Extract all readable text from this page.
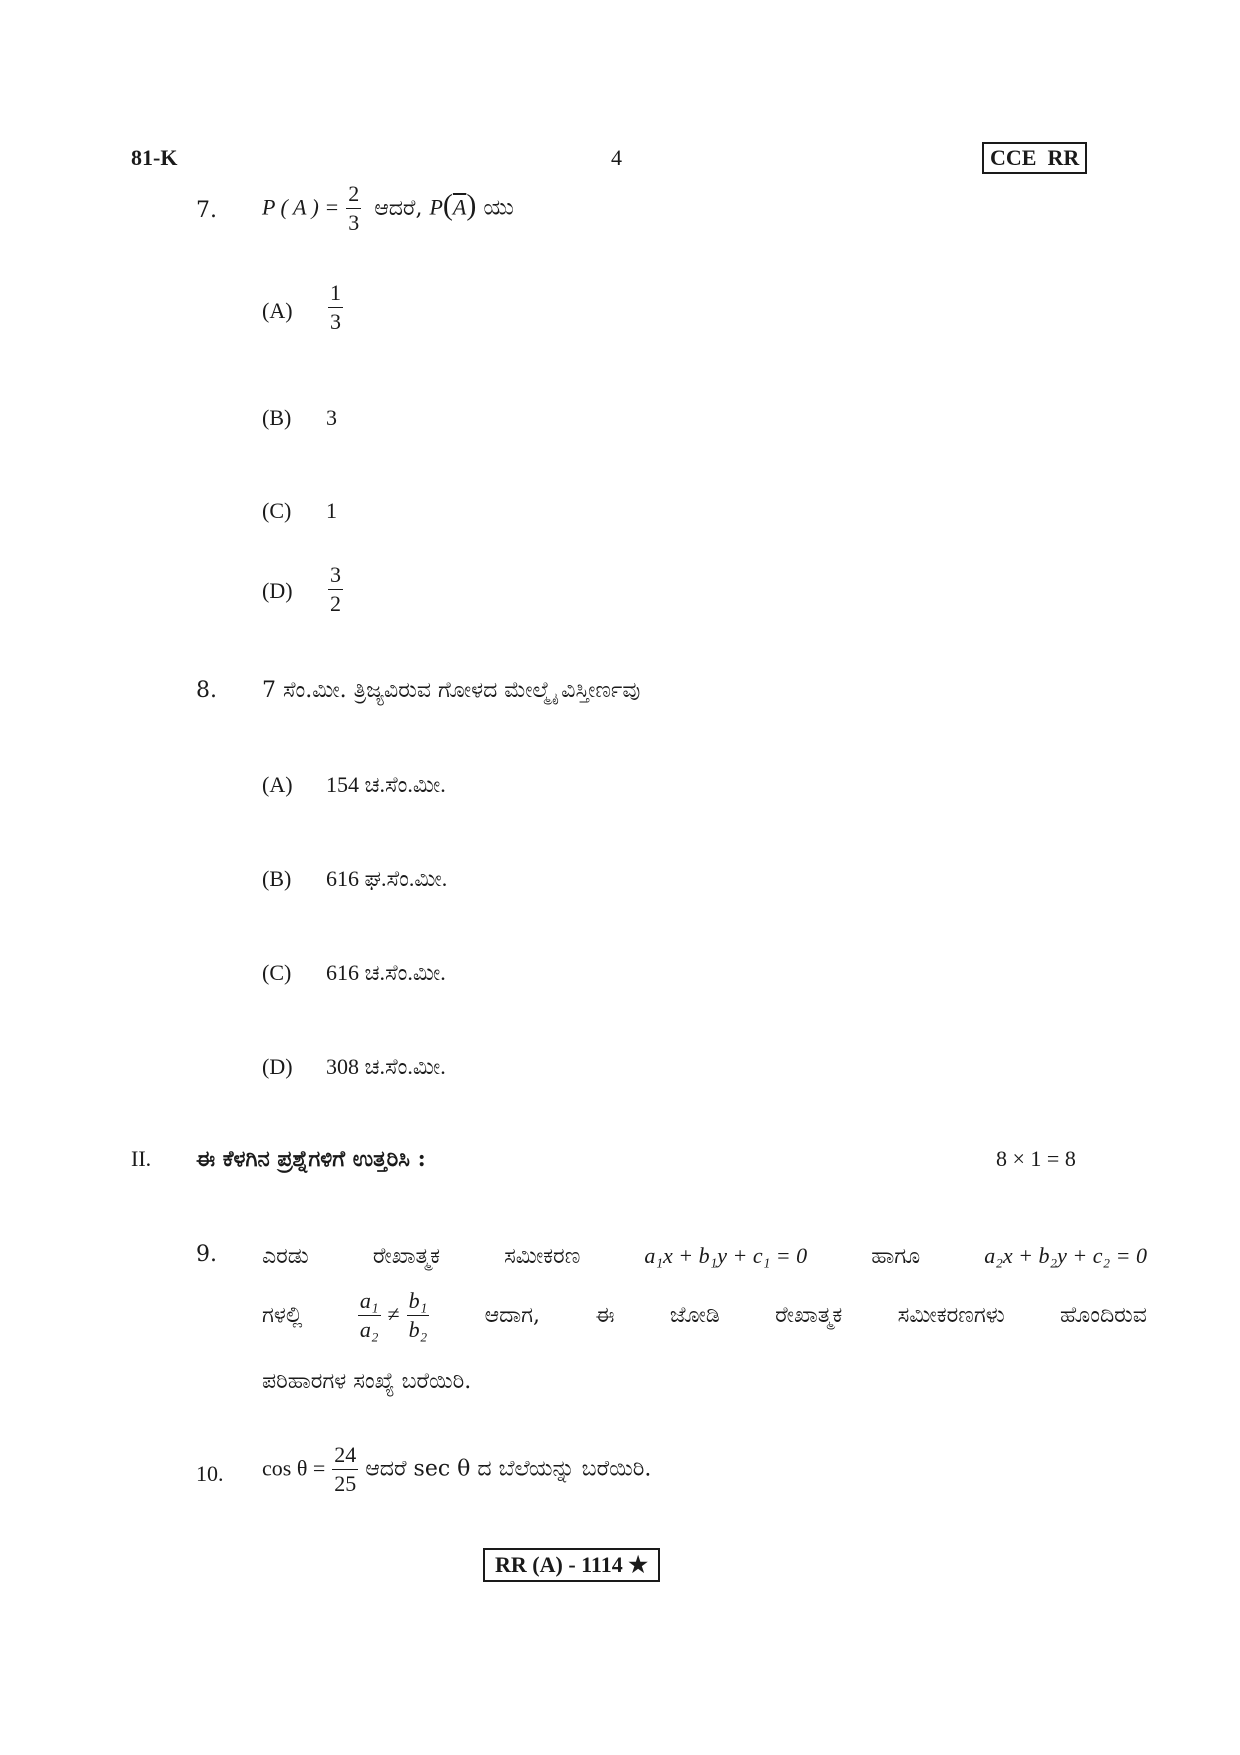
81-K	4	CCE  RR
7. P ( A ) = $\frac{2}{3}$ ಆದರೆ, $P(\overline{A})$ ಯು
$(A) \frac{1}{3}$
(B) 3
(C) 1
$(D) \frac{3}{2}$
8. 7 ಸೆಂ.ಮೀ. ತ್ರಿಜ್ಯವಿರುವ ಗೋಳದ ಮೇಲ್ಮೈ ವಿಸ್ತೀರ್ಣವು
(A) 154 ಚ.ಸೆಂ.ಮೀ.
(B) 616 ಘ.ಸೆಂ.ಮೀ.
(C) 616 ಚ.ಸೆಂ.ಮೀ.
(D) 308 ಚ.ಸೆಂ.ಮೀ.
II. ಈ ಕೆಳಗಿನ ಪ್ರಶ್ನೆಗಳಿಗೆ ಉತ್ತರಿಸಿ :	8 × 1 = 8
9. ಎರಡು	ರೇಖಾತ್ಮಕ	ಸಮೀಕರಣ	a₁x + b₁y + c₁ = 0	ಹಾಗೂ	a₂x + b₂y + c₂ = 0
ಗಳಲ್ಲಿ	$\frac{\text{a₁}}{\text{a₂}} \ne \frac{\text{b₁}}{\text{b₂}}$	ಆದಾಗ,	ಈ	ಜೋಡಿ	ರೇಖಾತ್ಮಕ	ಸಮೀಕರಣಗಳು	ಹೊಂದಿರುವ
ಪರಿಹಾರಗಳ ಸಂಖ್ಯೆ ಬರೆಯಿರಿ.
10. $\cos \theta = \frac{24}{25}$ ಆದರೆ sec θ ದ ಬೆಲೆಯನ್ನು ಬರೆಯಿರಿ.
RR (A) - 1114 ★
